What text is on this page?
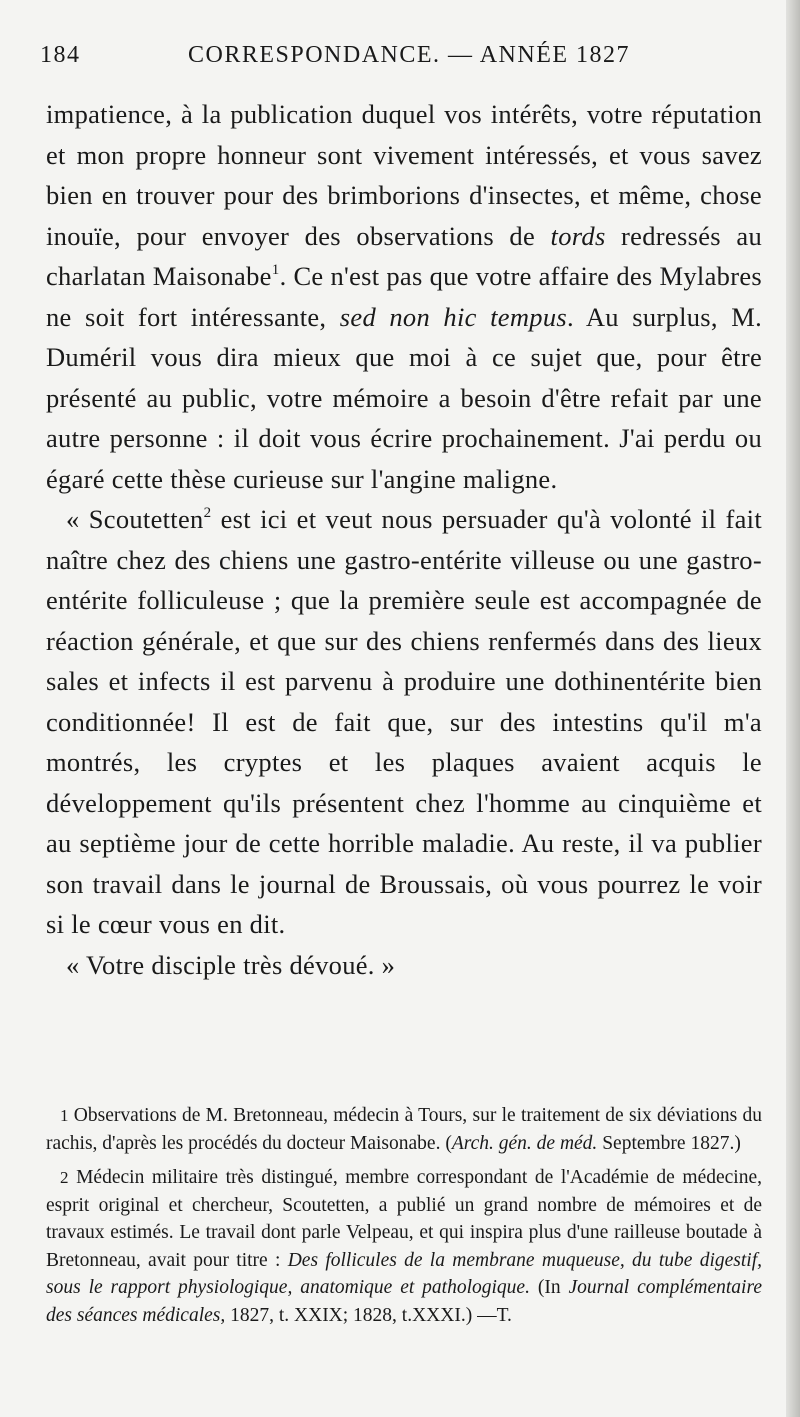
184	CORRESPONDANCE. — ANNÉE 1827

impatience, à la publication duquel vos intérêts, votre réputation et mon propre honneur sont vivement intéressés, et vous savez bien en trouver pour des brimborions d'insectes, et même, chose inouïe, pour envoyer des observations de tords redressés au charlatan Maisonabe$^1$. Ce n'est pas que votre affaire des Mylabres ne soit fort intéressante, sed non hic tempus. Au surplus, M. Duméril vous dira mieux que moi à ce sujet que, pour être présenté au public, votre mémoire a besoin d'être refait par une autre personne : il doit vous écrire prochainement. J'ai perdu ou égaré cette thèse curieuse sur l'angine maligne.

« Scoutetten$^2$ est ici et veut nous persuader qu'à volonté il fait naître chez des chiens une gastro-entérite villeuse ou une gastro-entérite folliculeuse ; que la première seule est accompagnée de réaction générale, et que sur des chiens renfermés dans des lieux sales et infects il est parvenu à produire une dothinentérite bien conditionnée! Il est de fait que, sur des intestins qu'il m'a montrés, les cryptes et les plaques avaient acquis le développement qu'ils présentent chez l'homme au cinquième et au septième jour de cette horrible maladie. Au reste, il va publier son travail dans le journal de Broussais, où vous pourrez le voir si le cœur vous en dit.

« Votre disciple très dévoué. »

1 Observations de M. Bretonneau, médecin à Tours, sur le traitement de six déviations du rachis, d'après les procédés du docteur Maisonabe. (Arch. gén. de méd. Septembre 1827.)

2 Médecin militaire très distingué, membre correspondant de l'Académie de médecine, esprit original et chercheur, Scoutetten, a publié un grand nombre de mémoires et de travaux estimés. Le travail dont parle Velpeau, et qui inspira plus d'une railleuse boutade à Bretonneau, avait pour titre : Des follicules de la membrane muqueuse, du tube digestif, sous le rapport physiologique, anatomique et pathologique. (In Journal complémentaire des séances médicales, 1827, t. XXIX; 1828, t.XXXI.) —T.
